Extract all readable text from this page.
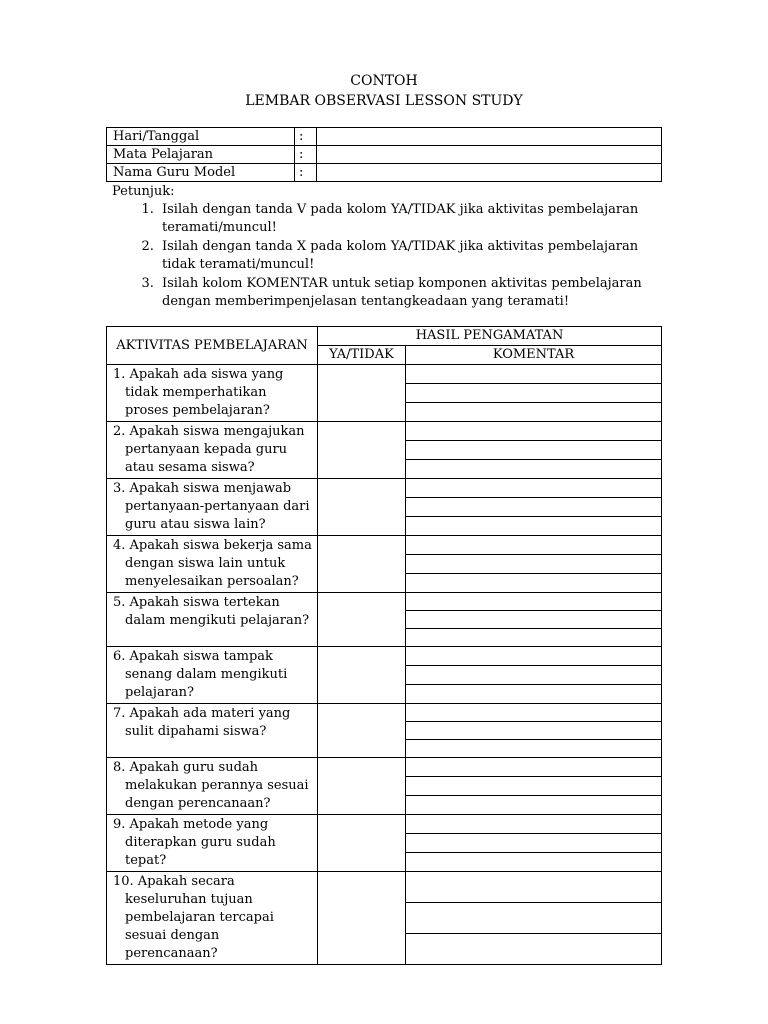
CONTOH
LEMBAR OBSERVASI LESSON STUDY
Hari/Tanggal	:	
Mata Pelajaran	:	
Nama Guru Model	:	
Petunjuk:
1. Isilah dengan tanda V pada kolom YA/TIDAK jika aktivitas pembelajaran teramati/muncul!
2. Isilah dengan tanda X pada kolom YA/TIDAK jika aktivitas pembelajaran tidak teramati/muncul!
3. Isilah kolom KOMENTAR untuk setiap komponen aktivitas pembelajaran dengan memberimpenjelasan tentangkeadaan yang teramati!
AKTIVITAS PEMBELAJARAN	HASIL PENGAMATAN	
	YA/TIDAK	KOMENTAR

1. Apakah ada siswa yang tidak memperhatikan proses pembelajaran?		

2. Apakah siswa mengajukan pertanyaan kepada guru atau sesama siswa?		

3. Apakah siswa menjawab pertanyaan-pertanyaan dari guru atau siswa lain?		

4. Apakah siswa bekerja sama dengan siswa lain untuk menyelesaikan persoalan?		

5. Apakah siswa tertekan dalam mengikuti pelajaran?		

6. Apakah siswa tampak senang dalam mengikuti pelajaran?		

7. Apakah ada materi yang sulit dipahami siswa?		

8. Apakah guru sudah melakukan perannya sesuai dengan perencanaan?		

9. Apakah metode yang diterapkan guru sudah tepat?		

10. Apakah secara keseluruhan tujuan pembelajaran tercapai sesuai dengan perencanaan?		
